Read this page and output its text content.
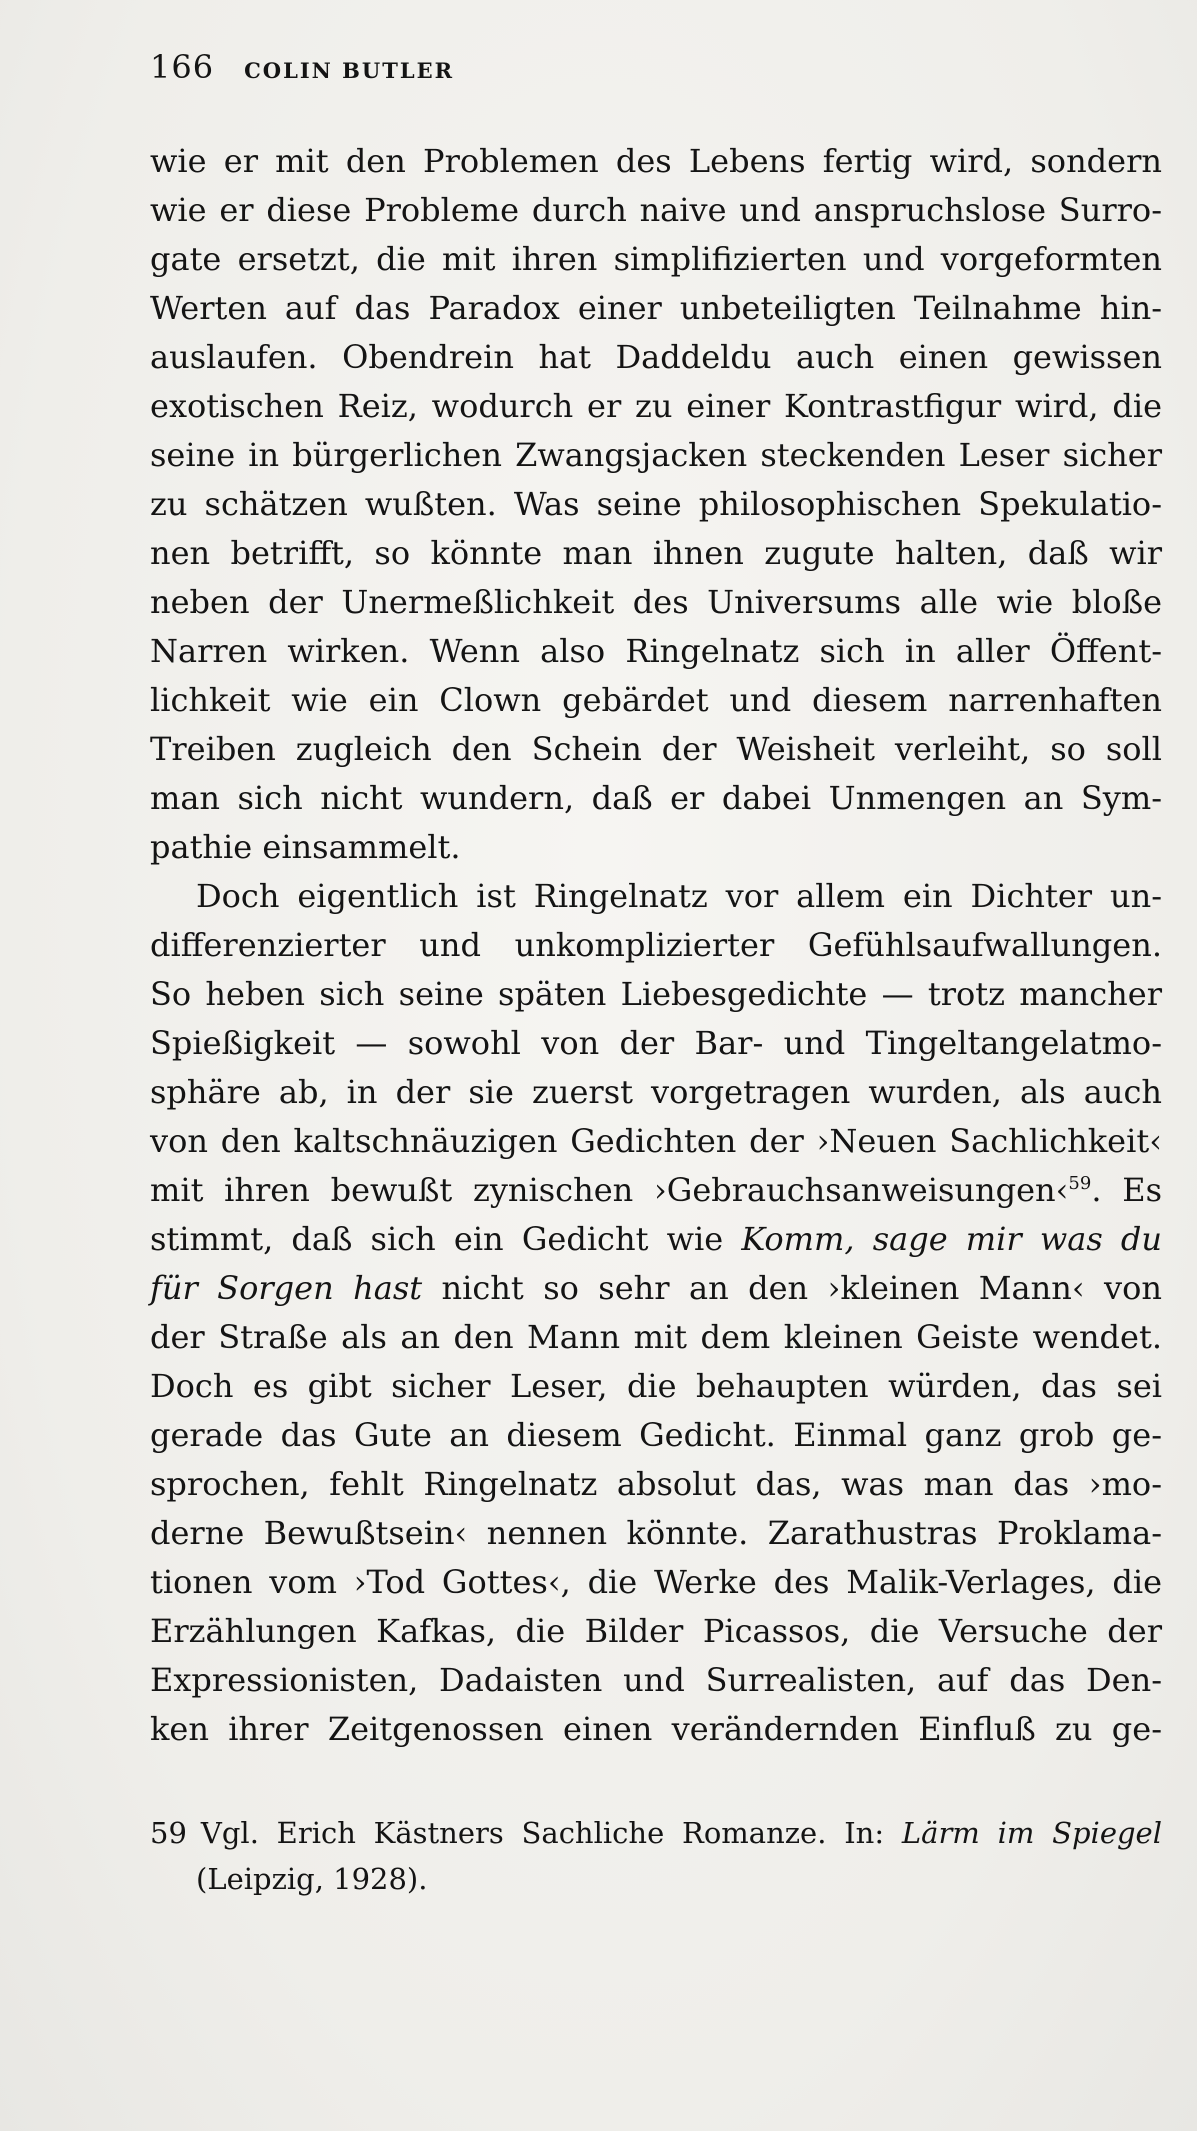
166 COLIN BUTLER
wie er mit den Problemen des Lebens fertig wird, sondern
wie er diese Probleme durch naive und anspruchslose Surro-
gate ersetzt, die mit ihren simplifizierten und vorgeformten
Werten auf das Paradox einer unbeteiligten Teilnahme hin-
auslaufen. Obendrein hat Daddeldu auch einen gewissen
exotischen Reiz, wodurch er zu einer Kontrastfigur wird, die
seine in bürgerlichen Zwangsjacken steckenden Leser sicher
zu schätzen wußten. Was seine philosophischen Spekulatio-
nen betrifft, so könnte man ihnen zugute halten, daß wir
neben der Unermeßlichkeit des Universums alle wie bloße
Narren wirken. Wenn also Ringelnatz sich in aller Öffent-
lichkeit wie ein Clown gebärdet und diesem narrenhaften
Treiben zugleich den Schein der Weisheit verleiht, so soll
man sich nicht wundern, daß er dabei Unmengen an Sym-
pathie einsammelt.
Doch eigentlich ist Ringelnatz vor allem ein Dichter un-
differenzierter und unkomplizierter Gefühlsaufwallungen.
So heben sich seine späten Liebesgedichte — trotz mancher
Spießigkeit — sowohl von der Bar- und Tingeltangelatmo-
sphäre ab, in der sie zuerst vorgetragen wurden, als auch
von den kaltschnäuzigen Gedichten der ›Neuen Sachlichkeit‹
mit ihren bewußt zynischen ›Gebrauchsanweisungen‹$^{59}$. Es
stimmt, daß sich ein Gedicht wie Komm, sage mir was du
für Sorgen hast nicht so sehr an den ›kleinen Mann‹ von
der Straße als an den Mann mit dem kleinen Geiste wendet.
Doch es gibt sicher Leser, die behaupten würden, das sei
gerade das Gute an diesem Gedicht. Einmal ganz grob ge-
sprochen, fehlt Ringelnatz absolut das, was man das ›mo-
derne Bewußtsein‹ nennen könnte. Zarathustras Proklama-
tionen vom ›Tod Gottes‹, die Werke des Malik-Verlages, die
Erzählungen Kafkas, die Bilder Picassos, die Versuche der
Expressionisten, Dadaisten und Surrealisten, auf das Den-
ken ihrer Zeitgenossen einen verändernden Einfluß zu ge-
59 Vgl. Erich Kästners Sachliche Romanze. In: Lärm im Spiegel
(Leipzig, 1928).
